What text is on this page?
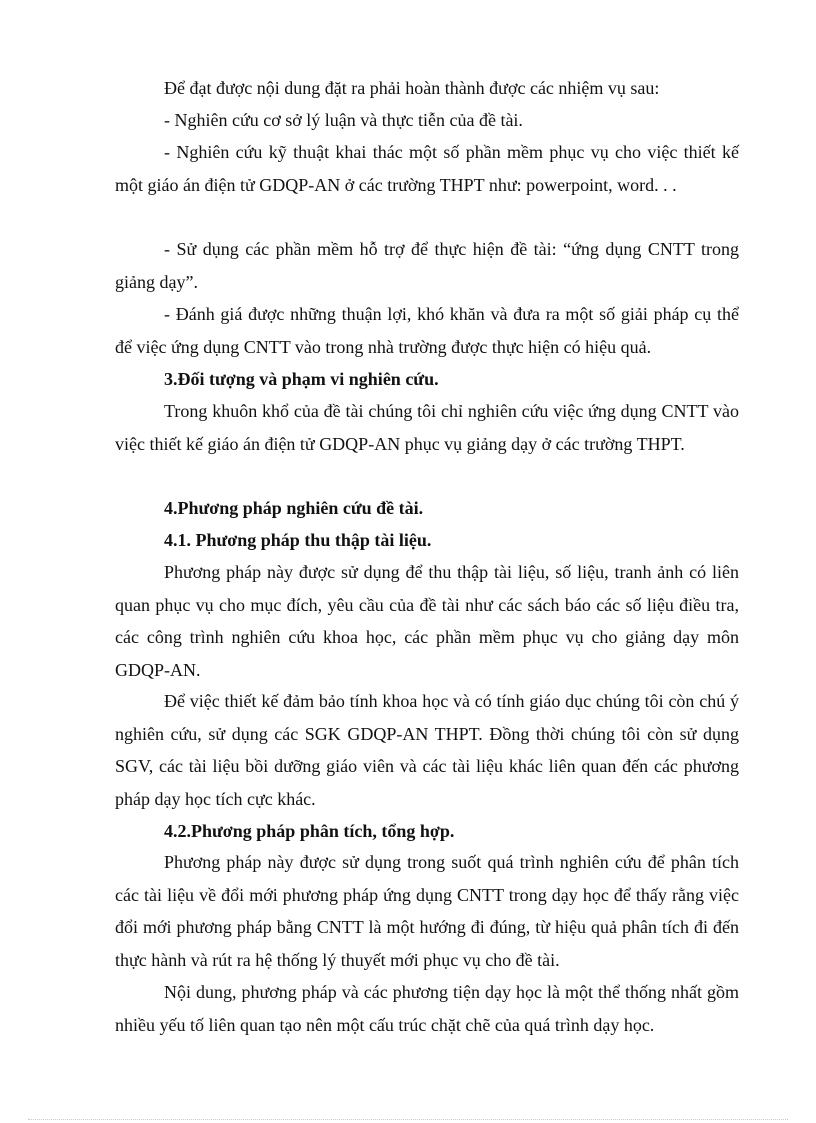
Để đạt được nội dung đặt ra phải hoàn thành được các nhiệm vụ sau:

- Nghiên cứu cơ sở lý luận và thực tiễn của đề tài.

- Nghiên cứu kỹ thuật khai thác một số phần mềm phục vụ cho việc thiết kế một giáo án điện tử GDQP-AN ở các trường THPT như: powerpoint, word. . .

- Sử dụng các phần mềm hỗ trợ để thực hiện đề tài: “ứng dụng CNTT trong giảng dạy”.

- Đánh giá được những thuận lợi, khó khăn và đưa ra một số giải pháp cụ thể để việc ứng dụng CNTT vào trong nhà trường được thực hiện có hiệu quả.

3.Đối tượng và phạm vi nghiên cứu.

Trong khuôn khổ của đề tài chúng tôi chỉ nghiên cứu việc ứng dụng CNTT vào việc thiết kế giáo án điện tử GDQP-AN phục vụ giảng dạy ở các trường THPT.

4.Phương pháp nghiên cứu đề tài.

4.1. Phương pháp thu thập tài liệu.

Phương pháp này được sử dụng để thu thập tài liệu, số liệu, tranh ảnh có liên quan phục vụ cho mục đích, yêu cầu của đề tài như các sách báo các số liệu điều tra, các công trình nghiên cứu khoa học, các phần mềm phục vụ cho giảng dạy môn GDQP-AN.

Để việc thiết kế đảm bảo tính khoa học và có tính giáo dục chúng tôi còn chú ý nghiên cứu, sử dụng các SGK GDQP-AN THPT. Đồng thời chúng tôi còn sử dụng SGV, các tài liệu bồi dưỡng giáo viên và các tài liệu khác liên quan đến các phương pháp dạy học tích cực khác.

4.2.Phương pháp phân tích, tổng hợp.

Phương pháp này được sử dụng trong suốt quá trình nghiên cứu để phân tích các tài liệu về đổi mới phương pháp ứng dụng CNTT trong dạy học để thấy rằng việc đổi mới phương pháp bằng CNTT là một hướng đi đúng, từ hiệu quả phân tích đi đến thực hành và rút ra hệ thống lý thuyết mới phục vụ cho đề tài.

Nội dung, phương pháp và các phương tiện dạy học là một thể thống nhất gồm nhiều yếu tố liên quan tạo nên một cấu trúc chặt chẽ của quá trình dạy học.
